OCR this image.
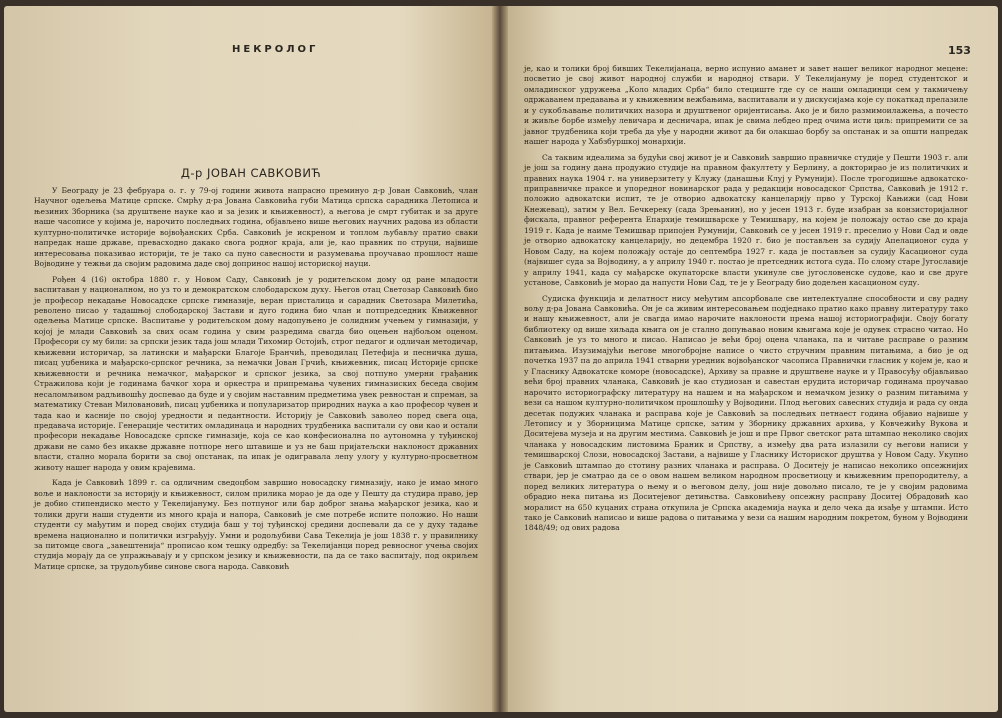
НЕКРОЛОГ
Д-р ЈОВАН САВКОВИЋ

У Београду је 23 фебруара о. г. у 79-ој години живота напрасно преминуо д-р Јован Савковић, члан Научног одељења Матице српске. Смрћу д-ра Јована Савковића губи Матица српска сарадника Летописа и њезиних Зборника (за друштвене науке као и за језик и књижевност), а његова је смрт губитак и за друге наше часописе у којима је, нарочито последњих година, објављено више његових научних радова из области културно-политичке историје војвођанских Срба. Савковић је искреном и топлом љубављу пратио сваки напредак наше државе, превасходно дакако свога родног краја, али је, као правник по струци, највише интересовања показивао историји, те је тако са пуно савесности и разумевања проучавао прошлост наше Војводине у тежњи да својим радовима даде свој допринос нашој историској науци.

Рођен 4 (16) октобра 1880 г. у Новом Саду, Савковић је у родитељском дому од ране младости васпитаван у националном, но уз то и демократском слободарском духу. Његов отац Светозар Савковић био је професор некадање Новосадске српске гимназије, веран присталица и сарадник Светозара Милетића, револено писао у тадашњој слободарској Застави и дуго година био члан и потпредседник Књижевног одељења Матице српске. Васпитање у родитељском дому надопуњено је солидним учењем у гимназији, у којој је млади Савковић за свих осам година у свим разредима свагда био оцењен најбољом оценом. Професори су му били: за српски језик тада још млади Тихомир Остојић, строг педагог и одличан методичар, књижевни историчар, за латински и мађарски Благоје Бранчић, преводилац Петефија и песничка душа, писац уџбеника и мађарско-српског речника, за немачки Јован Грчић, књижевник, писац Историје српске књижевности и речника немачког, мађарског и српског језика, за свој потпуно умерни грађаник Стражилова који је годинама бачког хора и оркестра и припремања чувених гимназиских беседа својим несаломљивом радљивошћу доспевао да буде и у својим наставним предметима увек ревностан и спреман, за математику Стеван Миловановић, писац уџбеника и популаризатор природних наука а као професор чувен и тада као и касније по својој уредности и педантности. Историју је Савковић заволео поред свега оца, предавача историје. Генерације честитих омладинаца и народних трудбеника васпитали су ови као и остали професори некадање Новосадске српске гимназије, која се као конфесионална по аутономна у туђинској држави не само без икакве државне потпоре него штавише и уз не баш пријатељски наклоност државних власти, стално морала борити за свој опстанак, па ипак је одигравала лепу улогу у културно-просветном животу нашег народа у овим крајевима.

Када је Савковић 1899 г. са одличним сведоцбом завршио новосадску гимназију, иако је имао много воље и наклоности за историју и књижевност, силом прилика морао је да оде у Пешту да студира право, јер је добио стипендиско место у Текелијануму. Без потпуног или бар доброг знања мађарског језика, као и толики други наши студенти из много краја и напора, Савковић је сме потребе испите положио. Но наши студенти су мађутим и поред својих студија баш у тој туђинској средини доспевали да се у духу тадање времена национално и политички изграђују. Умни и родољубиви Сава Текелија је још 1838 г. у правилнику за питомце свога „завештенија“ прописао ком тешку одредбу: за Текелијанци поред ревносног учења својих студија морају да се упражњавају и у српском језику и књижевности, па да се тако васпитају, под окриљем Матице српске, за трудољубиве синове свога народа. Савковић

153

је, као и толики број бивших Текелијанаца, верно испунио аманет и завет нашег великог народног мецене: посветио је свој живот народној служби и народној ствари. У Текелијануму је поред студентског и омладинског удружења „Коло младих Срба“ било стециште где су се наши омладинци сем у такмичењу одржаванем предавања и у књижевним вежбањима, васпитавали и у дискусијама које су покаткад прелазиле и у сукобљавање политичких назора и друштвеног оријентисања. Ако је и било размимоилажења, а почесто и живље борбе између левичара и десничара, ипак је свима лебдео пред очима исти циљ: припремити се за јавног трудбеника који треба да уђе у народни живот да би олакшао борбу за опстанак и за општи напредак нашег народа у Хабзбуршкој монархији.

Са таквим идеалима за будући свој живот је и Савковић завршио правничке студије у Пешти 1903 г. али је још за годину дана продужио студије на правном факултету у Берлину, а докторирао је из политичких и правних наука 1904 г. на универзитету у Клужу (данашњи Клуј у Румунији). После трогодишње адвокатско-приправничке праксе и упоредног новинарског рада у редакцији новосадског Српства, Савковић је 1912 г. положио адвокатски испит, те је отворио адвокатску канцеларију прво у Турској Кањижи (сад Нови Кнежевац), затим у Вел. Бечкереку (сада Зрењанин), но у јесен 1913 г. буде изабран за конзисторијалног фискала, правног референта Епархије темишварске у Темишвару, на којем је положају остао све до краја 1919 г. Када је наиме Темишвар припојен Румунији, Савковић се у јесен 1919 г. преселио у Нови Сад и овде је отворио адвокатску канцеларију, но децембра 1920 г. био је постављен за судију Апелационог суда у Новом Саду, на којем положају остаје до септембра 1927 г. када је постављен за судију Касационог суда (највишег суда за Војводину, а у априлу 1940 г. постао је претседник истога суда. По слому старе Југославије у априлу 1941, када су мађарске окупаторске власти укинуле све југословенске судове, као и све друге установе, Савковић је морао да напусти Нови Сад, те је у Београду био додељен касационом суду.

Судиска функција и делатност нису међутим апсорбовале све интелектуалне способности и сву радну вољу д-ра Јована Савковића. Он је са живим интересовањем подједнако пратио како правну литературу тако и нашу књижевност, али је свагда имао нарочите наклоности према нашој историографији. Своју богату библиотеку од више хиљада књига он је стално допуњавао новим књигама које је одувек страсно читао. Но Савковић је уз то много и писао. Написао је већи број оцена чланака, па и читаве расправе о разним питањима. Изузимајући његове многобројне написе о чисто стручним правним питањима, а био је од почетка 1937 па до априла 1941 стварни уредник војвођанског часописа Правнички гласник у којем је, као и у Гласнику Адвокатске коморе (новосадске), Архиву за правне и друштвене науке и у Правосуђу објављивао већи број правних чланака, Савковић је као студиозан и савестан ерудита историчар годинама проучавао нарочито историографску литературу на нашем и на мађарском и немачком језику о разним питањима у вези са нашом културно-политичком прошлошћу у Војводини. Плод његових савесних студија и рада су онда десетак подужих чланака и расправа које је Савковић за последњих петнаест година објавио највише у Летопису и у Зборницима Матице српске, затим у Зборнику државних архива, у Ковчежићу Вукова и Доситејева музеја и на другим местима. Савковић је још и пре Првог светског рата штампао неколико својих чланака у новосадским листовима Браник и Српству, а између два рата излазили су његови написи у темишварској Слози, новосадској Застави, а највише у Гласнику Историског друштва у Новом Саду. Укупно је Савковић штампао до стотину разних чланака и расправа. О Доситеју је написао неколико опсежнијих ствари, јер је сматрао да се о овом нашем великом народном просветиоцу и књижевним препородитељу, а поред великих литература о њему и о његовом делу, још није довољно писало, те је у својим радовима обрадио нека питања из Доситејевог детињства. Савковићеву опсежну расправу Доситеј Обрадовић као моралист на 650 куцаних страна откупила је Српска академија наука и дело чека да изађе у штампи. Исто тако је Савковић написао и више радова о питањима у вези са нашим народним покретом, буном у Војводини 1848/49; од ових радова
